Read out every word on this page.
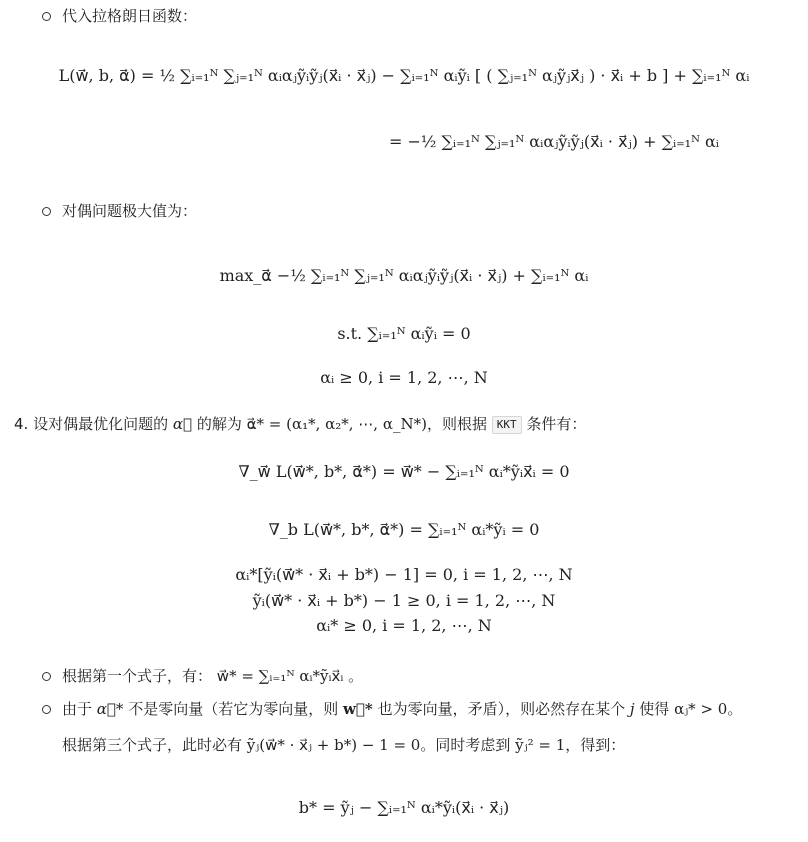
代入拉格朗日函数：
L(w⃗, b, α⃗) = ½ ∑ᵢ₌₁ᴺ ∑ⱼ₌₁ᴺ αᵢαⱼỹᵢỹⱼ(x⃗ᵢ · x⃗ⱼ) − ∑ᵢ₌₁ᴺ αᵢỹᵢ [ ( ∑ⱼ₌₁ᴺ αⱼỹⱼx⃗ⱼ ) · x⃗ᵢ + b ] + ∑ᵢ₌₁ᴺ αᵢ
= −½ ∑ᵢ₌₁ᴺ ∑ⱼ₌₁ᴺ αᵢαⱼỹᵢỹⱼ(x⃗ᵢ · x⃗ⱼ) + ∑ᵢ₌₁ᴺ αᵢ
对偶问题极大值为：
max_α⃗ −½ ∑ᵢ₌₁ᴺ ∑ⱼ₌₁ᴺ αᵢαⱼỹᵢỹⱼ(x⃗ᵢ · x⃗ⱼ) + ∑ᵢ₌₁ᴺ αᵢ
s.t. ∑ᵢ₌₁ᴺ αᵢỹᵢ = 0
αᵢ ≥ 0, i = 1, 2, ⋯, N
4. 设对偶最优化问题的 α⃗ 的解为 α⃗* = (α₁*, α₂*, ⋯, α_N*)，则根据 KKT 条件有：
∇_w⃗ L(w⃗*, b*, α⃗*) = w⃗* − ∑ᵢ₌₁ᴺ αᵢ*ỹᵢx⃗ᵢ = 0
∇_b L(w⃗*, b*, α⃗*) = ∑ᵢ₌₁ᴺ αᵢ*ỹᵢ = 0
αᵢ*[ỹᵢ(w⃗* · x⃗ᵢ + b*) − 1] = 0, i = 1, 2, ⋯, N
ỹᵢ(w⃗* · x⃗ᵢ + b*) − 1 ≥ 0, i = 1, 2, ⋯, N
αᵢ* ≥ 0, i = 1, 2, ⋯, N
根据第一个式子，有： w⃗* = ∑ᵢ₌₁ᴺ αᵢ*ỹᵢx⃗ᵢ 。
由于 α⃗* 不是零向量（若它为零向量，则 w⃗* 也为零向量，矛盾），则必然存在某个 j 使得 αⱼ* > 0。
根据第三个式子，此时必有 ỹⱼ(w⃗* · x⃗ⱼ + b*) − 1 = 0。同时考虑到 ỹⱼ² = 1，得到：
b* = ỹⱼ − ∑ᵢ₌₁ᴺ αᵢ*ỹᵢ(x⃗ᵢ · x⃗ⱼ)
